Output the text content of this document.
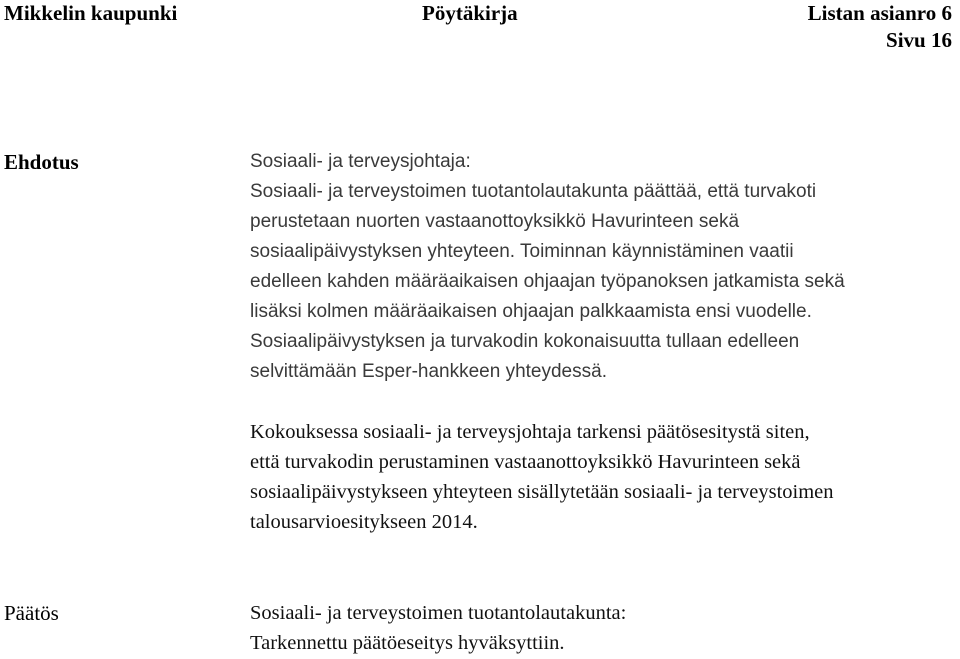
Mikkelin kaupunki	Pöytäkirja	Listan asianro 6
Sivu 16
Ehdotus	Sosiaali- ja terveysjohtaja:
Sosiaali- ja terveystoimen tuotantolautakunta päättää, että turvakoti
perustetaan nuorten vastaanottoyksikkö Havurinteen sekä
sosiaalipäivystyksen yhteyteen. Toiminnan käynnistäminen vaatii
edelleen kahden määräaikaisen ohjaajan työpanoksen jatkamista sekä
lisäksi kolmen määräaikaisen ohjaajan palkkaamista ensi vuodelle.
Sosiaalipäivystyksen ja turvakodin kokonaisuutta tullaan edelleen
selvittämään Esper-hankkeen yhteydessä.
Kokouksessa sosiaali- ja terveysjohtaja tarkensi päätösesitystä siten,
että turvakodin perustaminen vastaanottoyksikkö Havurinteen sekä
sosiaalipäivystykseen yhteyteen sisällytetään sosiaali- ja terveystoimen
talousarvioesitykseen 2014.
Päätös	Sosiaali- ja terveystoimen tuotantolautakunta:
Tarkennettu päätöeseitys hyväksyttiin.
